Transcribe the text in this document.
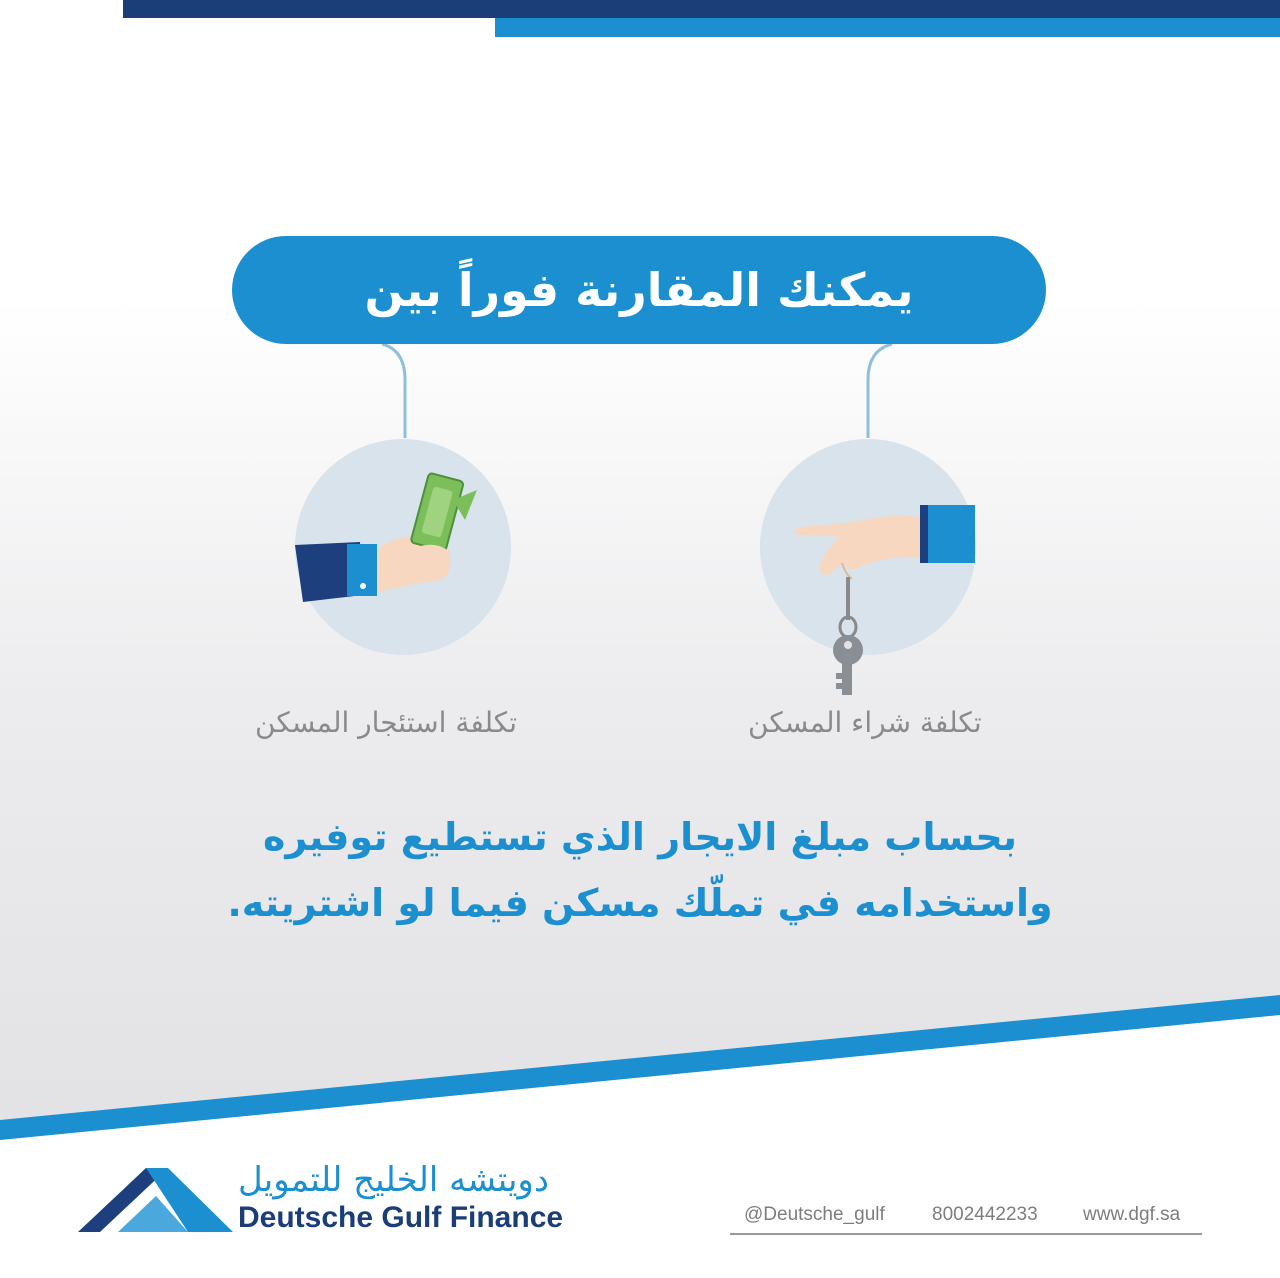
يمكنك المقارنة فوراً بين
تكلفة استئجار المسكن	تكلفة شراء المسكن
بحساب مبلغ الايجار الذي تستطيع توفيره
واستخدامه في تملّك مسكن فيما لو اشتريته.
دويتشه الخليج للتمويل
Deutsche Gulf Finance	@Deutsche_gulf 8002442233 www.dgf.sa
